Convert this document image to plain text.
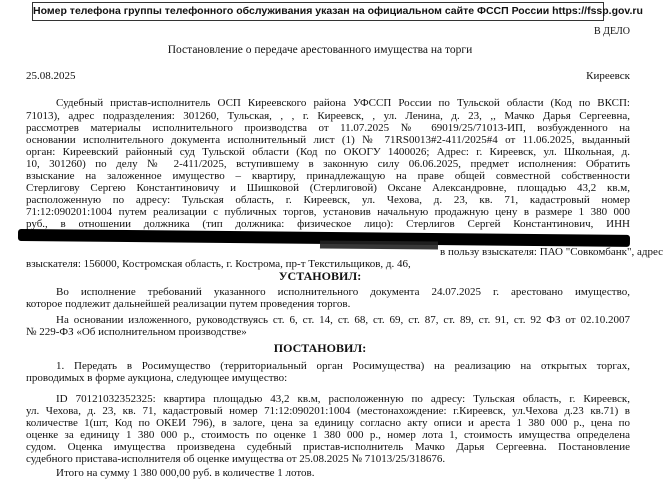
Номер телефона группы телефонного обслуживания указан на официальном сайте ФССП России https://fssp.gov.ru
В ДЕЛО
Постановление о передаче арестованного имущества на торги
25.08.2025	Киреевск
Судебный пристав-исполнитель ОСП Киреевского района УФССП России по Тульской области (Код по ВКСП:
71013), адрес подразделения: 301260, Тульская, , , г. Киреевск, , ул. Ленина, д. 23, ,, Мачко Дарья Сергеевна,
рассмотрев материалы исполнительного производства от 11.07.2025 № 69019/25/71013-ИП, возбужденного на
основании исполнительного документа исполнительный лист (1) № 71RS0013#2-411/2025#4 от 11.06.2025, выданный
орган: Киреевский районный суд Тульской области (Код по ОКОГУ 1400026; Адрес: г. Киреевск, ул. Школьная, д.
10, 301260) по делу № 2-411/2025, вступившему в законную силу 06.06.2025, предмет исполнения: Обратить
взыскание на заложенное имущество – квартиру, принадлежащую на праве общей совместной собственности
Стерлигову Сергею Константиновичу и Шишковой (Стерлиговой) Оксане Александровне, площадью 43,2 кв.м,
расположенную по адресу: Тульская область, г. Киреевск, ул. Чехова, д. 23, кв. 71, кадастровый номер
71:12:090201:1004 путем реализации с публичных торгов, установив начальную продажную цену в размере 1 380 000
руб., в отношении должника (тип должника: физическое лицо): Стерлигов Сергей Константинович, ИНН
в пользу взыскателя: ПАО "Совкомбанк", адрес
взыскателя: 156000, Костромская область, г. Кострома, пр-т Текстильщиков, д. 46,
УСТАНОВИЛ:
Во исполнение требований указанного исполнительного документа 24.07.2025 г. арестовано имущество,
которое подлежит дальнейшей реализации путем проведения торгов.
На основании изложенного, руководствуясь ст. 6, ст. 14, ст. 68, ст. 69, ст. 87, ст. 89, ст. 91, ст. 92 ФЗ от 02.10.2007
№ 229-ФЗ «Об исполнительном производстве»
ПОСТАНОВИЛ:
1. Передать в Росимущество (территориальный орган Росимущества) на реализацию на открытых торгах,
проводимых в форме аукциона, следующее имущество:
ID 70121032352325: квартира площадью 43,2 кв.м, расположенную по адресу: Тульская область, г. Киреевск,
ул. Чехова, д. 23, кв. 71, кадастровый номер 71:12:090201:1004 (местонахождение: г.Киреевск, ул.Чехова д.23 кв.71) в
количестве 1(шт, Код по ОКЕИ 796), в залоге, цена за единицу согласно акту описи и ареста 1 380 000 р., цена по
оценке за единицу 1 380 000 р., стоимость по оценке 1 380 000 р., номер лота 1, стоимость имущества определена
судом. Оценка имущества произведена судебный пристав-исполнитель Мачко Дарья Сергеевна. Постановление
судебного пристава-исполнителя об оценке имущества от 25.08.2025 № 71013/25/318676.
Итого на сумму 1 380 000,00 руб. в количестве 1 лотов.
